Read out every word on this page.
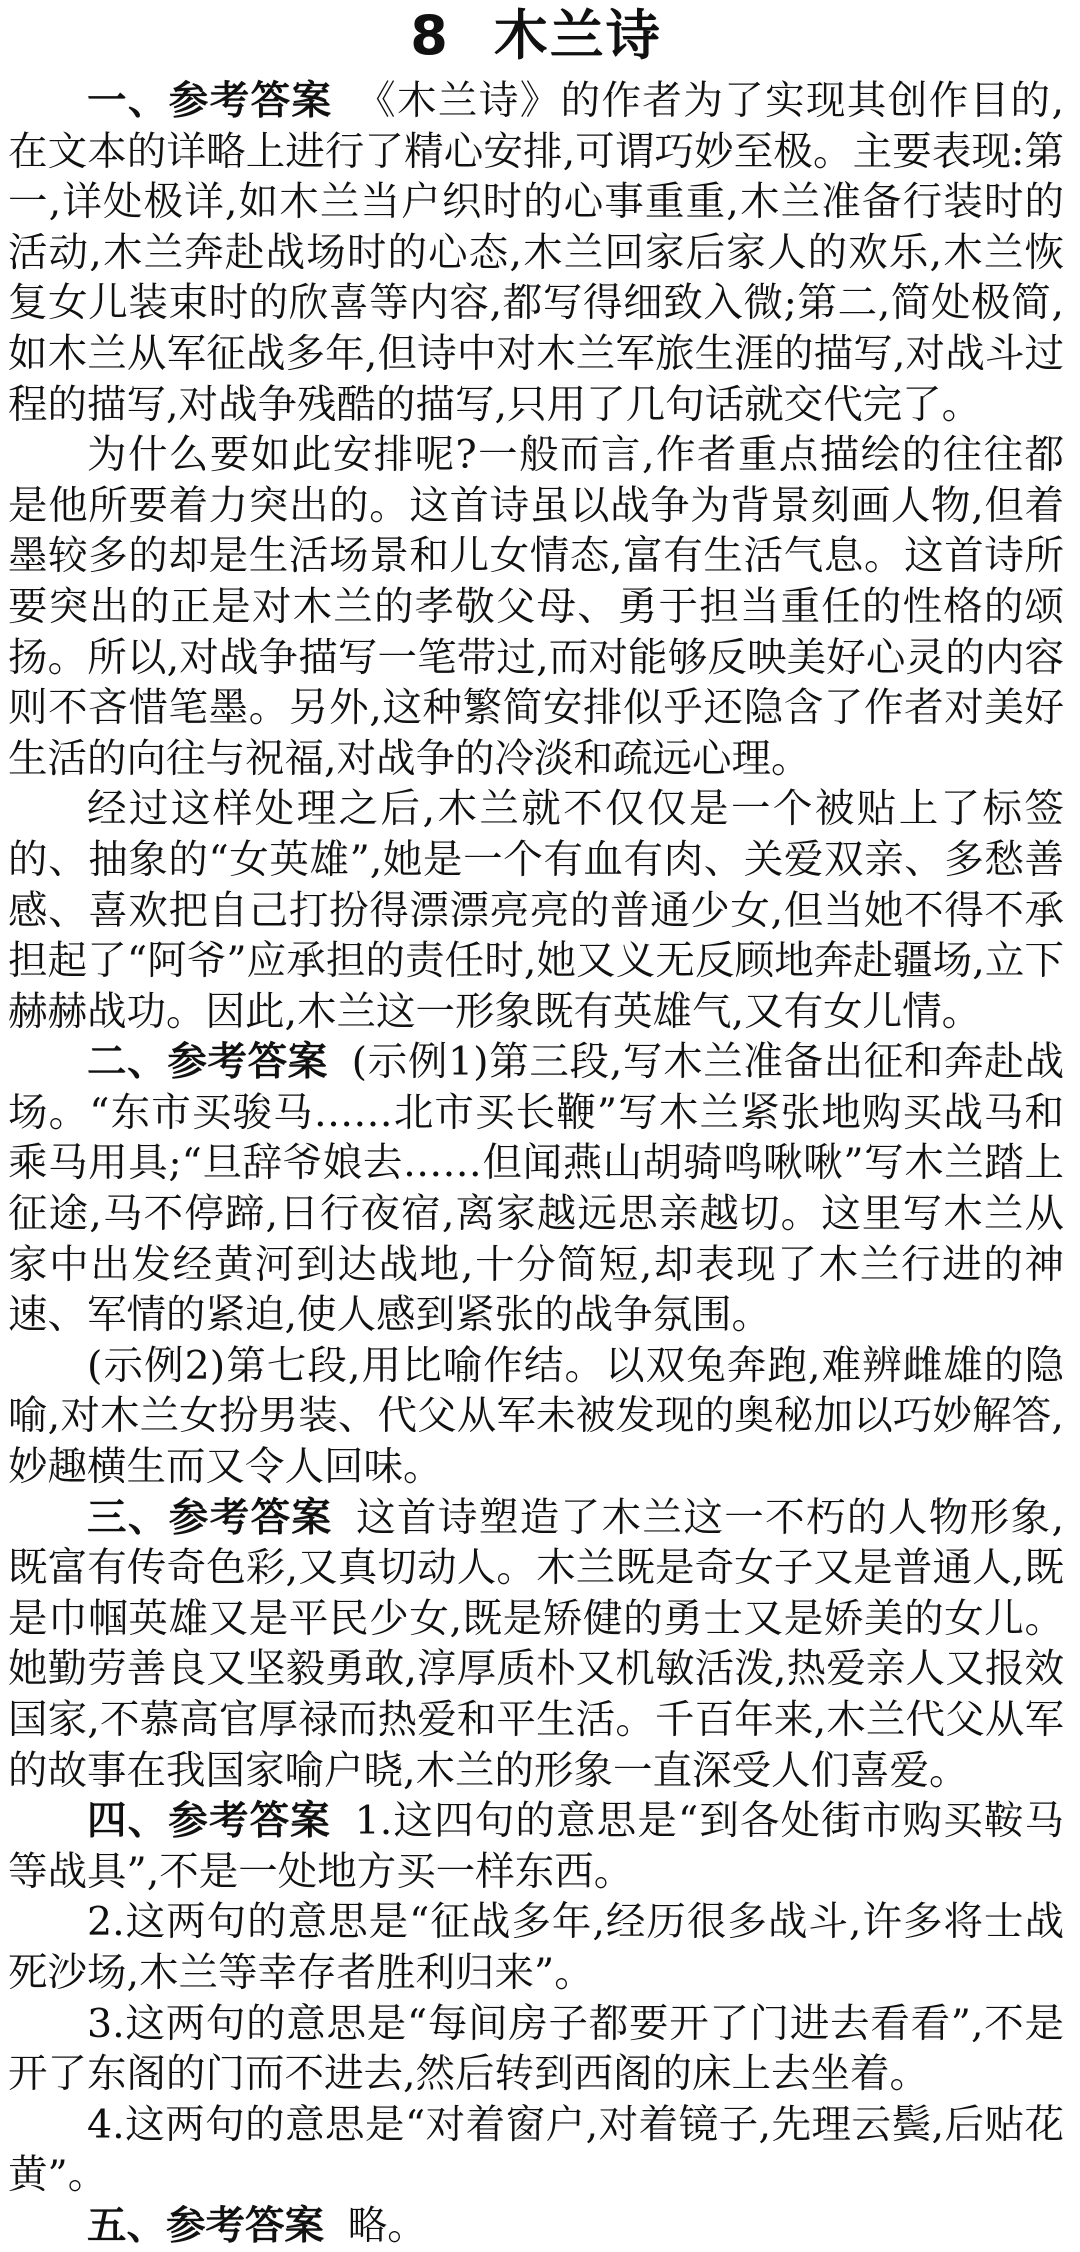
8 木兰诗

一、参考答案 《木兰诗》的作者为了实现其创作目的,在文本的详略上进行了精心安排,可谓巧妙至极。主要表现:第一,详处极详,如木兰当户织时的心事重重,木兰准备行装时的活动,木兰奔赴战场时的心态,木兰回家后家人的欢乐,木兰恢复女儿装束时的欣喜等内容,都写得细致入微;第二,简处极简,如木兰从军征战多年,但诗中对木兰军旅生涯的描写,对战斗过程的描写,对战争残酷的描写,只用了几句话就交代完了。

为什么要如此安排呢?一般而言,作者重点描绘的往往都是他所要着力突出的。这首诗虽以战争为背景刻画人物,但着墨较多的却是生活场景和儿女情态,富有生活气息。这首诗所要突出的正是对木兰的孝敬父母、勇于担当重任的性格的颂扬。所以,对战争描写一笔带过,而对能够反映美好心灵的内容则不吝惜笔墨。另外,这种繁简安排似乎还隐含了作者对美好生活的向往与祝福,对战争的冷淡和疏远心理。

经过这样处理之后,木兰就不仅仅是一个被贴上了标签的、抽象的“女英雄”,她是一个有血有肉、关爱双亲、多愁善感、喜欢把自己打扮得漂漂亮亮的普通少女,但当她不得不承担起了“阿爷”应承担的责任时,她又义无反顾地奔赴疆场,立下赫赫战功。因此,木兰这一形象既有英雄气,又有女儿情。

二、参考答案 (示例1)第三段,写木兰准备出征和奔赴战场。“东市买骏马……北市买长鞭”写木兰紧张地购买战马和乘马用具;“旦辞爷娘去……但闻燕山胡骑鸣啾啾”写木兰踏上征途,马不停蹄,日行夜宿,离家越远思亲越切。这里写木兰从家中出发经黄河到达战地,十分简短,却表现了木兰行进的神速、军情的紧迫,使人感到紧张的战争氛围。

(示例2)第七段,用比喻作结。以双兔奔跑,难辨雌雄的隐喻,对木兰女扮男装、代父从军未被发现的奥秘加以巧妙解答,妙趣横生而又令人回味。

三、参考答案 这首诗塑造了木兰这一不朽的人物形象,既富有传奇色彩,又真切动人。木兰既是奇女子又是普通人,既是巾帼英雄又是平民少女,既是矫健的勇士又是娇美的女儿。她勤劳善良又坚毅勇敢,淳厚质朴又机敏活泼,热爱亲人又报效国家,不慕高官厚禄而热爱和平生活。千百年来,木兰代父从军的故事在我国家喻户晓,木兰的形象一直深受人们喜爱。

四、参考答案 1.这四句的意思是“到各处街市购买鞍马等战具”,不是一处地方买一样东西。

2.这两句的意思是“征战多年,经历很多战斗,许多将士战死沙场,木兰等幸存者胜利归来”。

3.这两句的意思是“每间房子都要开了门进去看看”,不是开了东阁的门而不进去,然后转到西阁的床上去坐着。

4.这两句的意思是“对着窗户,对着镜子,先理云鬓,后贴花黄”。

五、参考答案 略。
